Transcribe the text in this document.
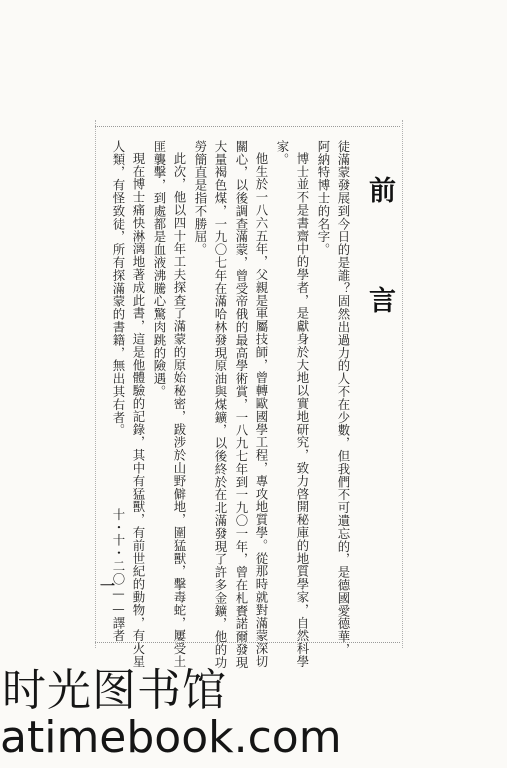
前 言
徒滿蒙發展到今日的是誰？固然出過力的人不在少數，但我們不可遺忘的，是德國愛德華，
阿納特博士的名字。
博士並不是書齋中的學者，是獻身於大地以實地研究，致力啓開秘庫的地質學家，自然科學
家。
他生於一八六五年，父親是軍屬技師，曾轉歐國學工程，專攻地質學。從那時就對滿蒙深切
關心，以後調查滿蒙，曾受帝俄的最高學術賞，一八九七年到一九〇一年，曾在札賚諾爾發現
大量褐色煤，一九〇七年在滿哈林發現原油與煤鑛，以後終於在北滿發現了許多金鑛，他的功
勞簡直是指不勝屈。
此次，他以四十年工夫探查了滿蒙的原始秘密，跋涉於山野僻地，圍猛獸，擊毒蛇，屢受土
匪襲擊，到處都是血液沸騰心驚肉跳的險遇。
現在博士痛快淋漓地著成此書，這是他體驗的記錄，其中有猛獸，有前世紀的動物，有火星
人類，有怪致徒，所有探滿蒙的書籍，無出其右者。
十・十・二〇——譯者
一
时光图书馆
atimebook.com
